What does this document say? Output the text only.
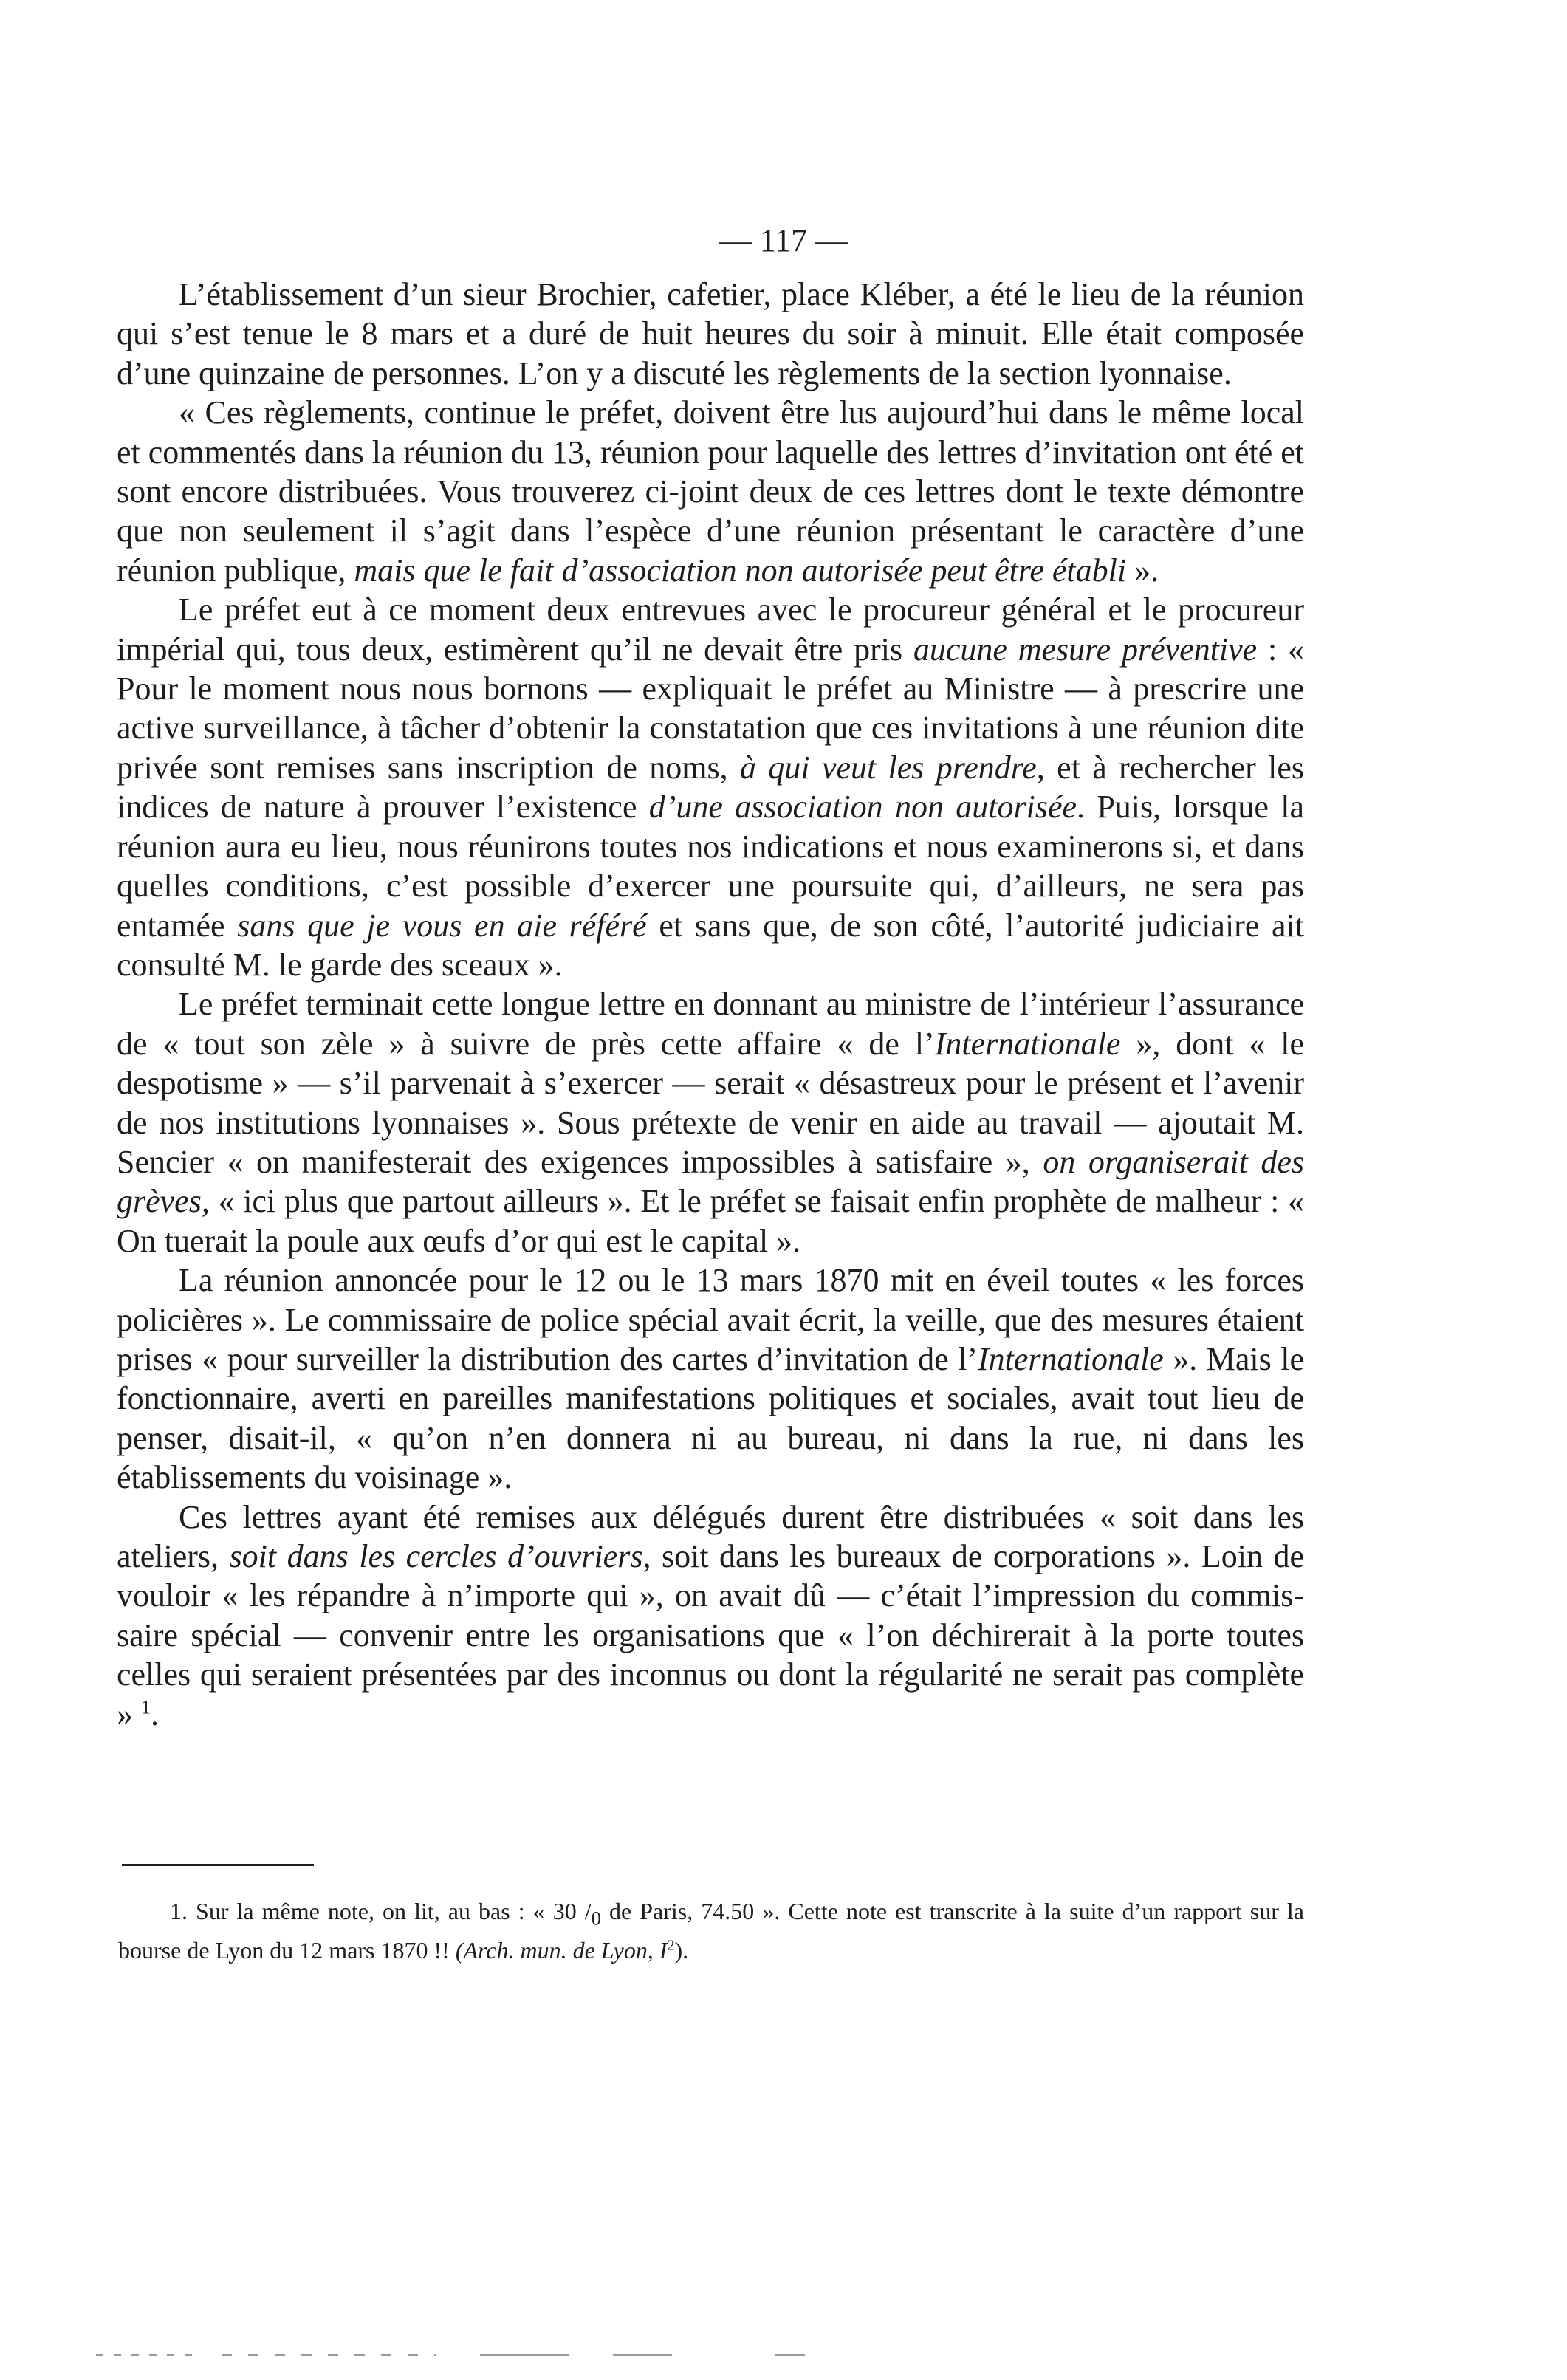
— 117 —

L’établissement d’un sieur Brochier, cafetier, place Kléber, a été le lieu de la réunion qui s’est tenue le 8 mars et a duré de huit heures du soir à minuit. Elle était composée d’une quinzaine de personnes. L’on y a discuté les règlements de la section lyonnaise.

« Ces règlements, continue le préfet, doivent être lus aujourd’hui dans le même local et commentés dans la réunion du 13, réunion pour laquelle des lettres d’invitation ont été et sont encore distribuées. Vous trouverez ci-joint deux de ces lettres dont le texte démontre que non seulement il s’agit dans l’espèce d’une réunion présentant le caractère d’une réunion publique, mais que le fait d’association non autorisée peut être établi ».

Le préfet eut à ce moment deux entrevues avec le procureur général et le procureur impérial qui, tous deux, estimèrent qu’il ne devait être pris aucune mesure préventive : « Pour le moment nous nous bornons — expliquait le préfet au Ministre — à prescrire une active surveillance, à tâcher d’obtenir la constatation que ces invitations à une réunion dite privée sont remises sans inscription de noms, à qui veut les prendre, et à rechercher les indices de nature à prouver l’existence d’une association non autorisée. Puis, lorsque la réunion aura eu lieu, nous réunirons toutes nos indications et nous examinerons si, et dans quelles conditions, c’est possible d’exercer une poursuite qui, d’ailleurs, ne sera pas entamée sans que je vous en aie référé et sans que, de son côté, l’autorité judiciaire ait consulté M. le garde des sceaux ».

Le préfet terminait cette longue lettre en donnant au ministre de l’intérieur l’assurance de « tout son zèle » à suivre de près cette affaire « de l’Internationale », dont « le despotisme » — s’il parvenait à s’exercer — serait « désastreux pour le présent et l’avenir de nos institutions lyonnaises ». Sous prétexte de venir en aide au travail — ajoutait M. Sencier « on manifesterait des exigences impossibles à satisfaire », on organiserait des grèves, « ici plus que partout ailleurs ». Et le préfet se faisait enfin prophète de malheur : « On tuerait la poule aux œufs d’or qui est le capital ».

La réunion annoncée pour le 12 ou le 13 mars 1870 mit en éveil toutes « les forces policières ». Le commissaire de police spécial avait écrit, la veille, que des mesures étaient prises « pour surveiller la distribution des cartes d’invitation de l’Internationale ». Mais le fonctionnaire, averti en pareilles manifestations politiques et sociales, avait tout lieu de penser, disait-il, « qu’on n’en donnera ni au bureau, ni dans la rue, ni dans les établissements du voisinage ».

Ces lettres ayant été remises aux délégués durent être distribuées « soit dans les ateliers, soit dans les cercles d’ouvriers, soit dans les bureaux de corporations ». Loin de vouloir « les répandre à n’importe qui », on avait dû — c’était l’impression du commissaire spécial — convenir entre les organisations que « l’on déchirerait à la porte toutes celles qui seraient présentées par des inconnus ou dont la régularité ne serait pas complète » $^1$.

1. Sur la même note, on lit, au bas : « 30 $/_0$ de Paris, 74.50 ». Cette note est transcrite à la suite d’un rapport sur la bourse de Lyon du 12 mars 1870 !! (Arch. mun. de Lyon, $I^2$).
